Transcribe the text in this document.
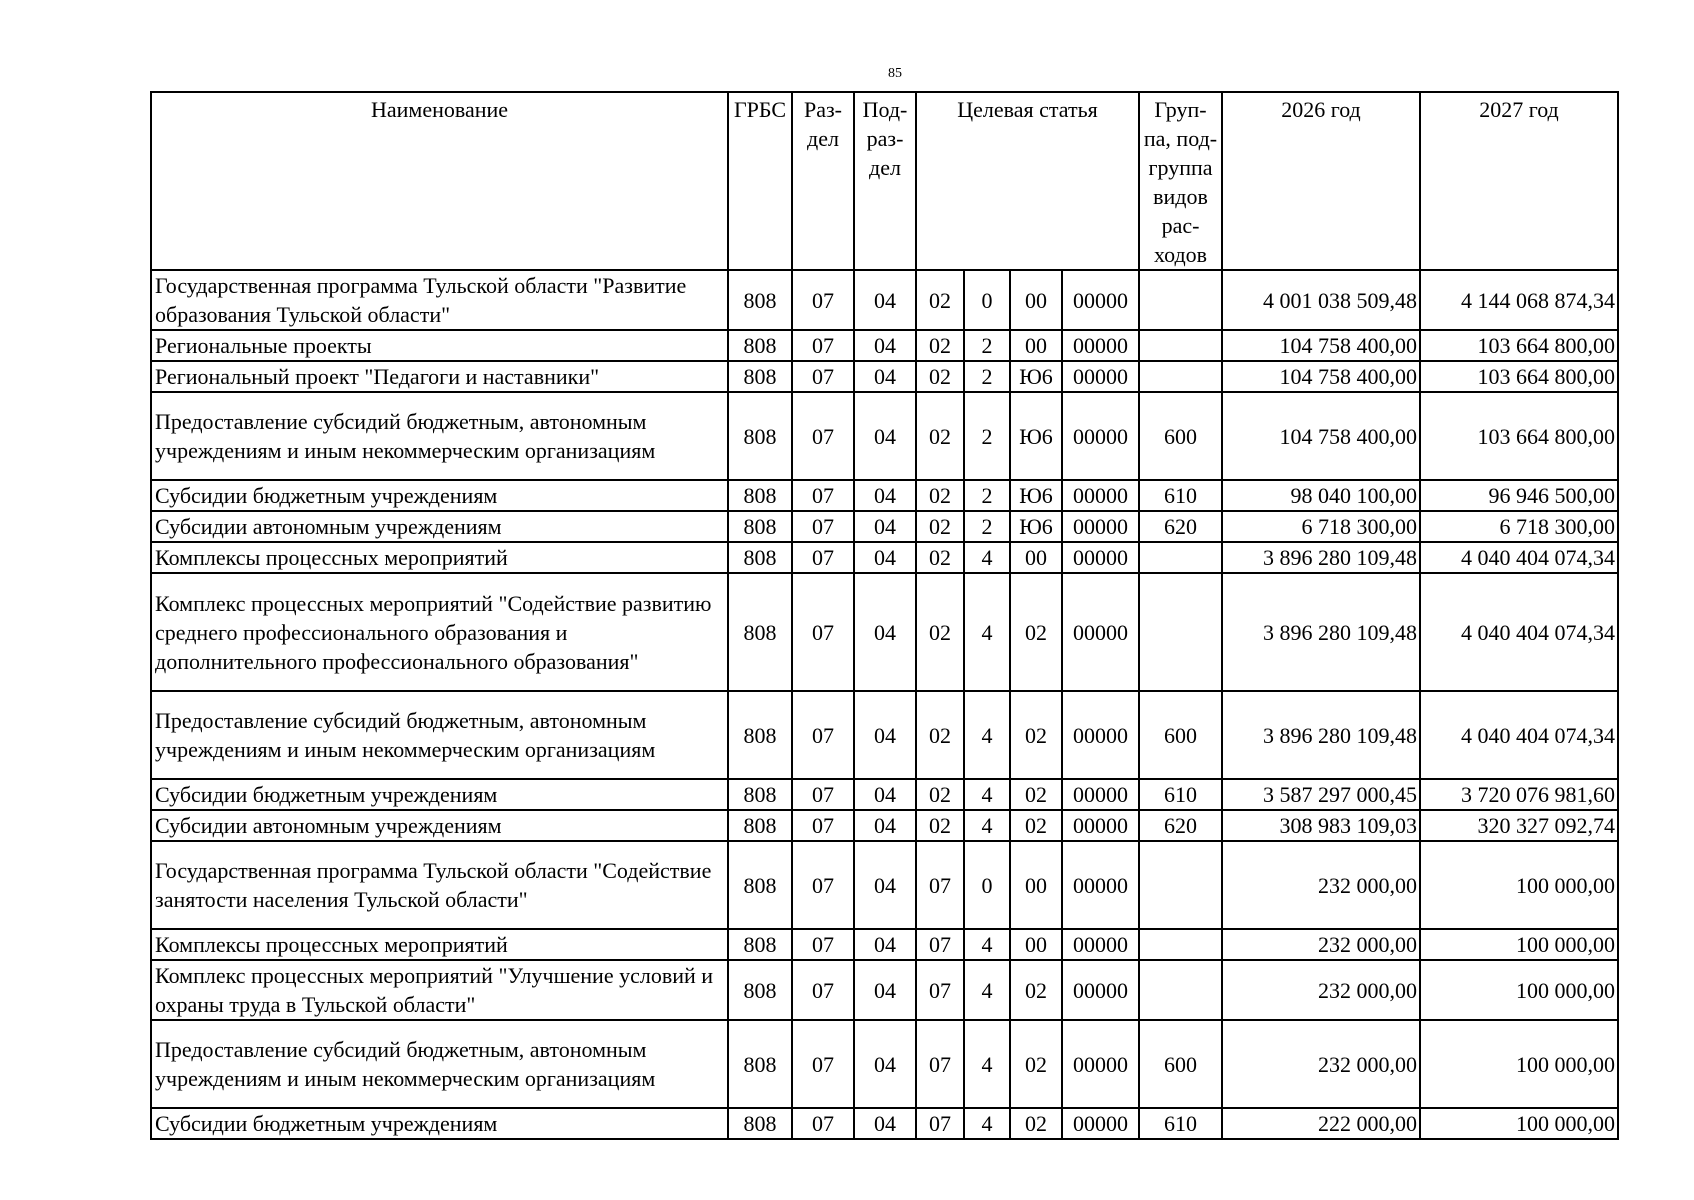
85
Наименование	ГРБС	Раз-дел	Под-раз-дел	Целевая статья				Груп-па, под-группа видов рас-ходов	2026 год	2027 год
Государственная программа Тульской области "Развитие образования Тульской области"	808	07	04	02	0	00	00000		4 001 038 509,48	4 144 068 874,34
Региональные проекты	808	07	04	02	2	00	00000		104 758 400,00	103 664 800,00
Региональный проект "Педагоги и наставники"	808	07	04	02	2	Ю6	00000		104 758 400,00	103 664 800,00
Предоставление субсидий бюджетным, автономным учреждениям и иным некоммерческим организациям	808	07	04	02	2	Ю6	00000	600	104 758 400,00	103 664 800,00
Субсидии бюджетным учреждениям	808	07	04	02	2	Ю6	00000	610	98 040 100,00	96 946 500,00
Субсидии автономным учреждениям	808	07	04	02	2	Ю6	00000	620	6 718 300,00	6 718 300,00
Комплексы процессных мероприятий	808	07	04	02	4	00	00000		3 896 280 109,48	4 040 404 074,34
Комплекс процессных мероприятий "Содействие развитию среднего профессионального образования и дополнительного профессионального образования"	808	07	04	02	4	02	00000		3 896 280 109,48	4 040 404 074,34
Предоставление субсидий бюджетным, автономным учреждениям и иным некоммерческим организациям	808	07	04	02	4	02	00000	600	3 896 280 109,48	4 040 404 074,34
Субсидии бюджетным учреждениям	808	07	04	02	4	02	00000	610	3 587 297 000,45	3 720 076 981,60
Субсидии автономным учреждениям	808	07	04	02	4	02	00000	620	308 983 109,03	320 327 092,74
Государственная программа Тульской области "Содействие занятости населения Тульской области"	808	07	04	07	0	00	00000		232 000,00	100 000,00
Комплексы процессных мероприятий	808	07	04	07	4	00	00000		232 000,00	100 000,00
Комплекс процессных мероприятий "Улучшение условий и охраны труда в Тульской области"	808	07	04	07	4	02	00000		232 000,00	100 000,00
Предоставление субсидий бюджетным, автономным учреждениям и иным некоммерческим организациям	808	07	04	07	4	02	00000	600	232 000,00	100 000,00
Субсидии бюджетным учреждениям	808	07	04	07	4	02	00000	610	222 000,00	100 000,00
